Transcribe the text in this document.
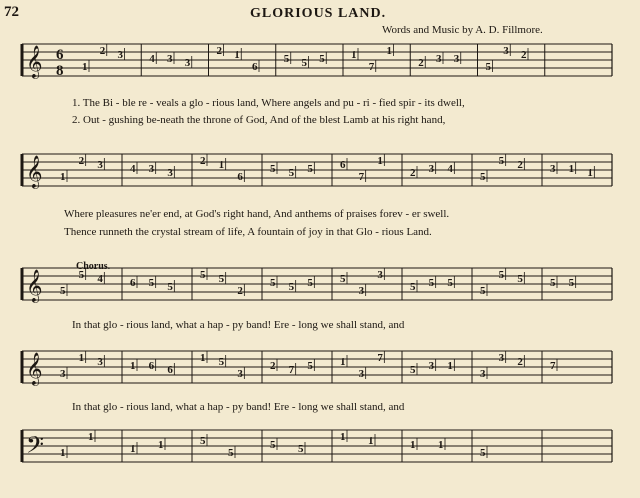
72	GLORIOUS LAND.
Words and Music by A. D. Fillmore.
𝄞 6
8 1
2 3 4 3 3
2 1
6
5 5 5 1
7
1
2 3 3
5
3 2
1. The Bi - ble re - veals a glo - rious land, Where angels and pu - ri - fied spir - its dwell,
2. Out - gushing be-neath the throne of God, And of the blest Lamb at his right hand,
𝄞 1
2 3 4 3 3
2 1
6
5 5 5 6
7
1
2 3 4
5
5 2 3 1 1
Where pleasures ne'er end, at God's right hand, And anthems of praises forev - er swell.
Thence runneth the crystal stream of life, A fountain of joy in that Glo - rious Land.
Chorus.
𝄞 5
5 4 6 5 5
5 5
2
5 5 5 5
3
3
5 5 5
5
5 5 5 5
In that glo - rious land, what a hap - py band! Ere - long we shall stand, and
𝄞 3
1 3 1 6 6
1 5
3
2 7 5 1
3
7
5 3 1
3
3 2 7
In that glo - rious land, what a hap - py band! Ere - long we shall stand, and
𝄢 1
1
1 1	5
5
5 5
1 1	1 1
5
